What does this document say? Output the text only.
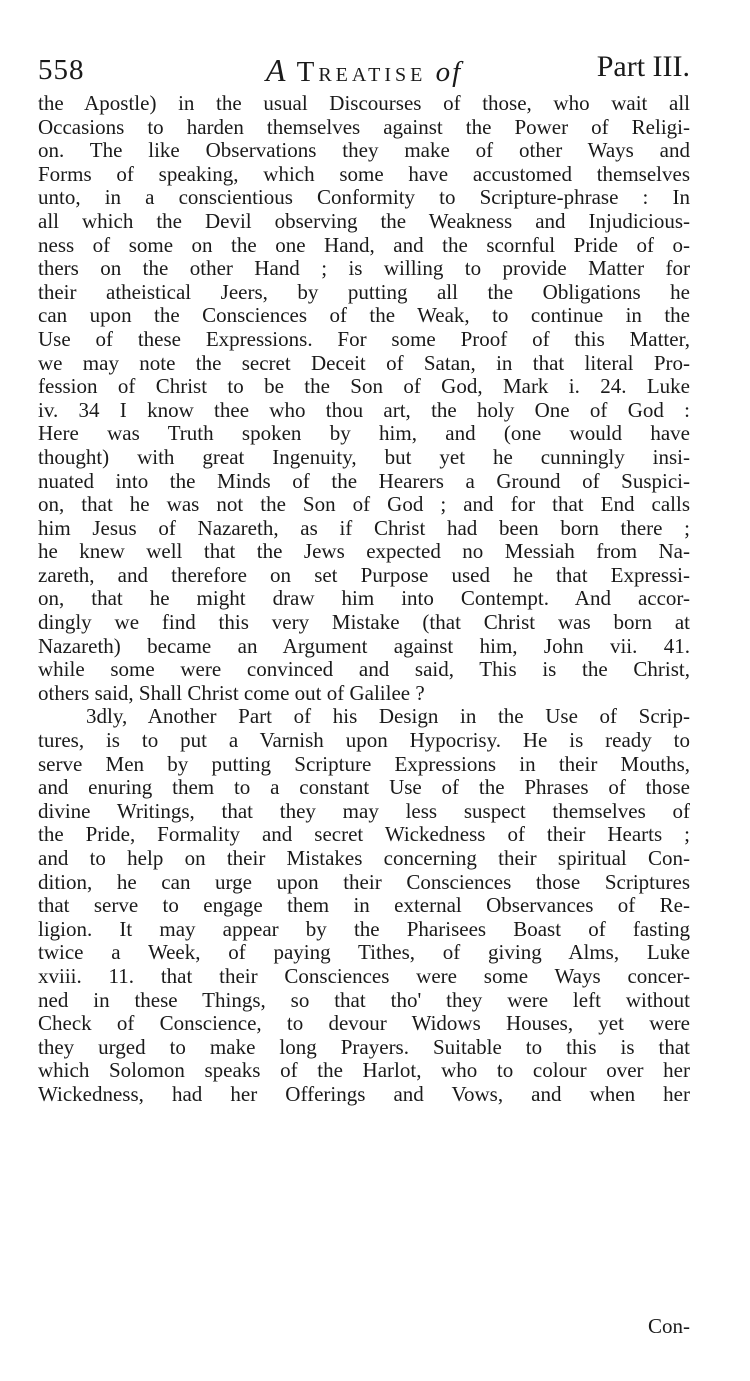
558	A Treatise of	Part III.
the Apostle) in the usual Discourses of those, who wait all
Occasions to harden themselves against the Power of Religi-
on. The like Observations they make of other Ways and
Forms of speaking, which some have accustomed themselves
unto, in a conscientious Conformity to Scripture-phrase : In
all which the Devil observing the Weakness and Injudicious-
ness of some on the one Hand, and the scornful Pride of o-
thers on the other Hand ; is willing to provide Matter for
their atheistical Jeers, by putting all the Obligations he
can upon the Consciences of the Weak, to continue in the
Use of these Expressions. For some Proof of this Matter,
we may note the secret Deceit of Satan, in that literal Pro-
fession of Christ to be the Son of God, Mark i. 24. Luke
iv. 34 I know thee who thou art, the holy One of God :
Here was Truth spoken by him, and (one would have
thought) with great Ingenuity, but yet he cunningly insi-
nuated into the Minds of the Hearers a Ground of Suspici-
on, that he was not the Son of God ; and for that End calls
him Jesus of Nazareth, as if Christ had been born there ;
he knew well that the Jews expected no Messiah from Na-
zareth, and therefore on set Purpose used he that Expressi-
on, that he might draw him into Contempt. And accor-
dingly we find this very Mistake (that Christ was born at
Nazareth) became an Argument against him, John vii. 41.
while some were convinced and said, This is the Christ,
others said, Shall Christ come out of Galilee ?
3dly, Another Part of his Design in the Use of Scrip-
tures, is to put a Varnish upon Hypocrisy. He is ready to
serve Men by putting Scripture Expressions in their Mouths,
and enuring them to a constant Use of the Phrases of those
divine Writings, that they may less suspect themselves of
the Pride, Formality and secret Wickedness of their Hearts ;
and to help on their Mistakes concerning their spiritual Con-
dition, he can urge upon their Consciences those Scriptures
that serve to engage them in external Observances of Re-
ligion. It may appear by the Pharisees Boast of fasting
twice a Week, of paying Tithes, of giving Alms, Luke
xviii. 11. that their Consciences were some Ways concer-
ned in these Things, so that tho' they were left without
Check of Conscience, to devour Widows Houses, yet were
they urged to make long Prayers. Suitable to this is that
which Solomon speaks of the Harlot, who to colour over her
Wickedness, had her Offerings and Vows, and when her
Con-
